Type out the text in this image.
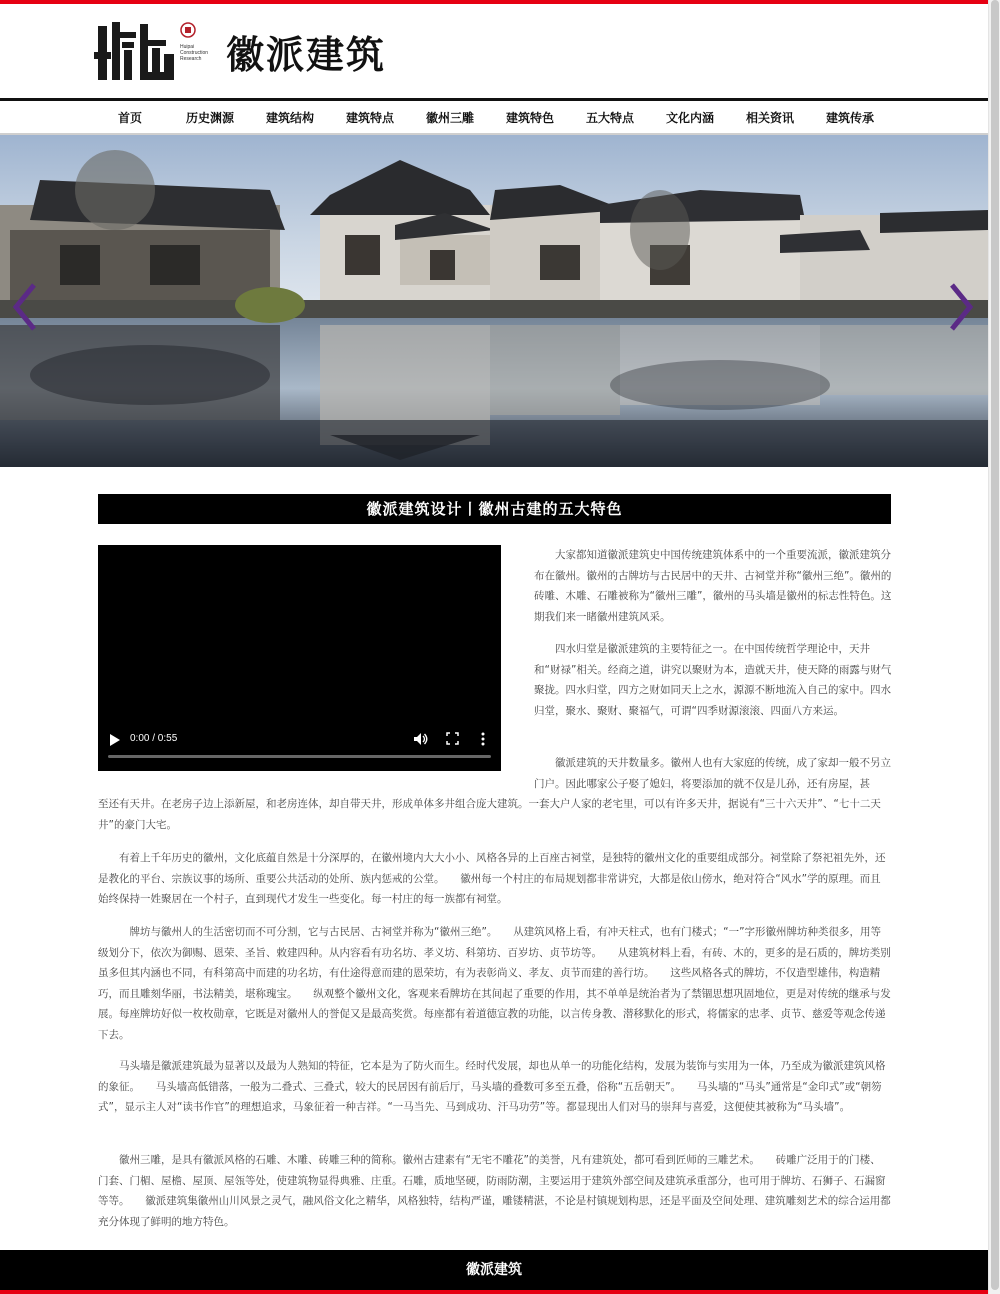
Huipai
Construction
Research 徽派建筑
首页	历史渊源	建筑结构	建筑特点	徽州三雕	建筑特色	五大特点	文化内涵	相关资讯	建筑传承
徽派建筑设计丨徽州古建的五大特色
0:00 / 0:55
大家都知道徽派建筑史中国传统建筑体系中的一个重要流派，徽派建筑分布在徽州。徽州的古牌坊与古民居中的天井、古祠堂并称“徽州三绝”。徽州的砖雕、木雕、石雕被称为“徽州三雕”，徽州的马头墙是徽州的标志性特色。这期我们来一睹徽州建筑风采。
四水归堂是徽派建筑的主要特征之一。在中国传统哲学理论中，天井和“财禄”相关。经商之道，讲究以聚财为本，造就天井，使天降的雨露与财气聚拢。四水归堂，四方之财如同天上之水，源源不断地流入自己的家中。四水归堂，聚水、聚财、聚福气，可谓“四季财源滚滚、四面八方来运。
徽派建筑的天井数量多。徽州人也有大家庭的传统，成了家却一般不另立门户。因此哪家公子娶了媳妇，将要添加的就不仅是儿孙，还有房屋，甚
至还有天井。在老房子边上添新屋，和老房连体，却自带天井，形成单体多井组合庞大建筑。一套大户人家的老宅里，可以有许多天井，据说有“三十六天井”、“七十二天井”的豪门大宅。
有着上千年历史的徽州，文化底蕴自然是十分深厚的，在徽州境内大大小小、风格各异的上百座古祠堂，是独特的徽州文化的重要组成部分。祠堂除了祭祀祖先外，还是教化的平台、宗族议事的场所、重要公共活动的处所、族内惩戒的公堂。　　徽州每一个村庄的布局规划都非常讲究，大都是依山傍水，绝对符合“风水”学的原理。而且始终保持一姓聚居在一个村子，直到现代才发生一些变化。每一村庄的每一族都有祠堂。
　牌坊与徽州人的生活密切而不可分割，它与古民居、古祠堂并称为“徽州三绝”。　　从建筑风格上看，有冲天柱式，也有门楼式；“一”字形徽州牌坊种类很多，用等级划分下，依次为御赐、恩荣、圣旨、敕建四种。从内容看有功名坊、孝义坊、科第坊、百岁坊、贞节坊等。　　从建筑材料上看，有砖、木的，更多的是石质的，牌坊类别虽多但其内涵也不同，有科第高中而建的功名坊，有仕途得意而建的恩荣坊，有为表彰尚义、孝友、贞节而建的善行坊。　　这些风格各式的牌坊，不仅造型雄伟，构造精巧，而且雕刻华丽，书法精美，堪称瑰宝。　　纵观整个徽州文化，客观来看牌坊在其间起了重要的作用，其不单单是统治者为了禁锢思想巩固地位，更是对传统的继承与发展。每座牌坊好似一枚枚勋章，它既是对徽州人的誉促又是最高奖赏。每座都有着道德宣教的功能，以言传身教、潜移默化的形式，将儒家的忠孝、贞节、慈爱等观念传递下去。
马头墙是徽派建筑最为显著以及最为人熟知的特征，它本是为了防火而生。经时代发展，却也从单一的功能化结构，发展为装饰与实用为一体，乃至成为徽派建筑风格的象征。　　马头墙高低错落，一般为二叠式、三叠式，较大的民居因有前后厅，马头墙的叠数可多至五叠，俗称“五岳朝天”。　　马头墙的“马头”通常是“金印式”或“朝笏式”，显示主人对“读书作官”的理想追求，马象征着一种吉祥。“一马当先、马到成功、汗马功劳”等。都显现出人们对马的崇拜与喜爱，这便使其被称为“马头墙”。
徽州三雕，是具有徽派风格的石雕、木雕、砖雕三种的简称。徽州古建素有“无宅不雕花”的美誉，凡有建筑处，都可看到匠师的三雕艺术。　　砖雕广泛用于的门楼、门套、门楣、屋檐、屋顶、屋瓴等处，使建筑物显得典雅、庄重。石雕，质地坚硬，防雨防潮，主要运用于建筑外部空间及建筑承重部分，也可用于牌坊、石狮子、石漏窗等等。　　徽派建筑集徽州山川风景之灵气，融风俗文化之精华，风格独特，结构严谨，雕镂精湛，不论是村镇规划构思，还是平面及空间处理、建筑雕刻艺术的综合运用都充分体现了鲜明的地方特色。
徽派建筑
